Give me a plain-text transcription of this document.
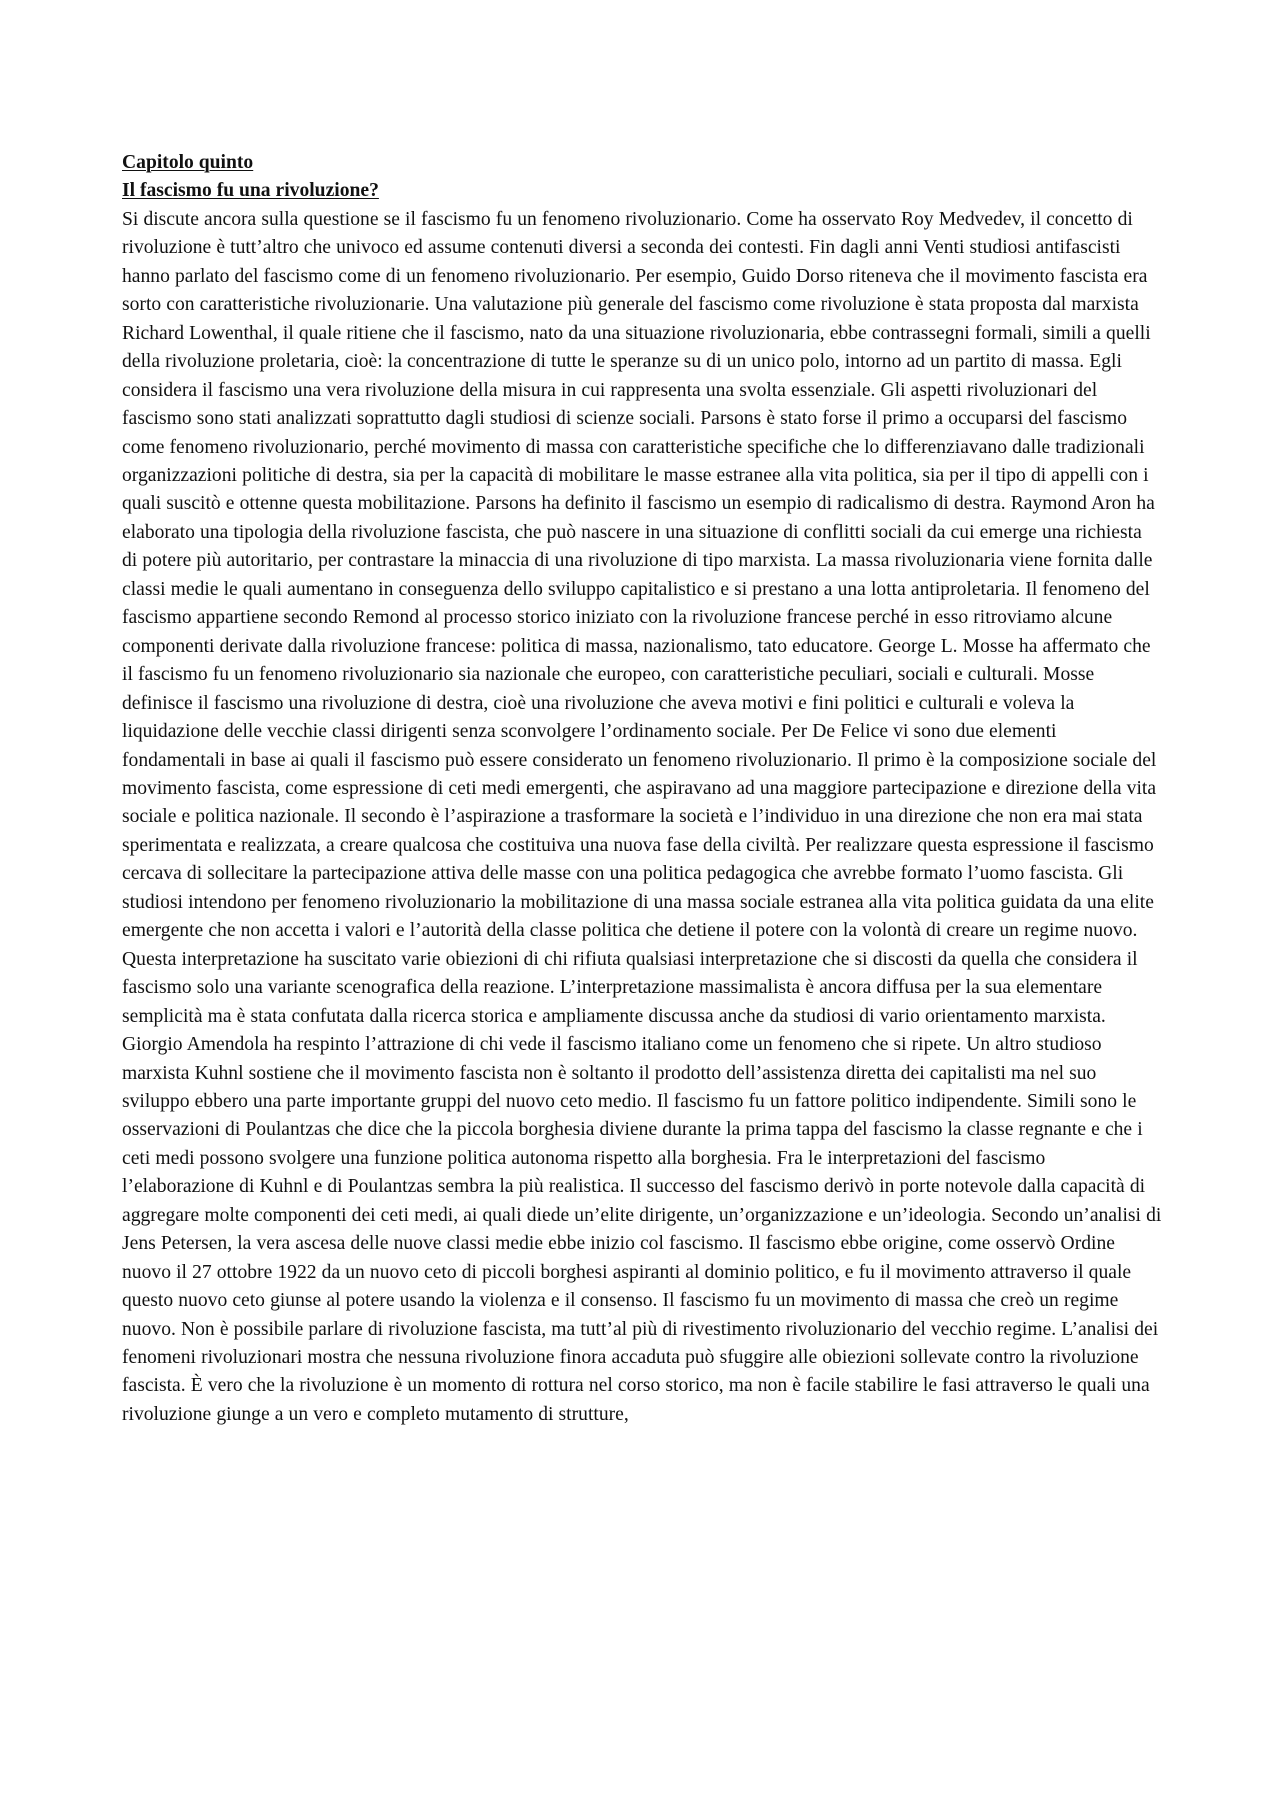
Capitolo quinto
Il fascismo fu una rivoluzione?

Si discute ancora sulla questione se il fascismo fu un fenomeno rivoluzionario. Come ha osservato Roy Medvedev, il concetto di rivoluzione è tutt’altro che univoco ed assume contenuti diversi a seconda dei contesti. Fin dagli anni Venti studiosi antifascisti hanno parlato del fascismo come di un fenomeno rivoluzionario. Per esempio, Guido Dorso riteneva che il movimento fascista era sorto con caratteristiche rivoluzionarie. Una valutazione più generale del fascismo come rivoluzione è stata proposta dal marxista Richard Lowenthal, il quale ritiene che il fascismo, nato da una situazione rivoluzionaria, ebbe contrassegni formali, simili a quelli della rivoluzione proletaria, cioè: la concentrazione di tutte le speranze su di un unico polo, intorno ad un partito di massa. Egli considera il fascismo una vera rivoluzione della misura in cui rappresenta una svolta essenziale. Gli aspetti rivoluzionari del fascismo sono stati analizzati soprattutto dagli studiosi di scienze sociali. Parsons è stato forse il primo a occuparsi del fascismo come fenomeno rivoluzionario, perché movimento di massa con caratteristiche specifiche che lo differenziavano dalle tradizionali organizzazioni politiche di destra, sia per la capacità di mobilitare le masse estranee alla vita politica, sia per il tipo di appelli con i quali suscitò e ottenne questa mobilitazione. Parsons ha definito il fascismo un esempio di radicalismo di destra. Raymond Aron ha elaborato una tipologia della rivoluzione fascista, che può nascere in una situazione di conflitti sociali da cui emerge una richiesta di potere più autoritario, per contrastare la minaccia di una rivoluzione di tipo marxista. La massa rivoluzionaria viene fornita dalle classi medie le quali aumentano in conseguenza dello sviluppo capitalistico e si prestano a una lotta antiproletaria. Il fenomeno del fascismo appartiene secondo Remond al processo storico iniziato con la rivoluzione francese perché in esso ritroviamo alcune componenti derivate dalla rivoluzione francese: politica di massa, nazionalismo, tato educatore. George L. Mosse ha affermato che il fascismo fu un fenomeno rivoluzionario sia nazionale che europeo, con caratteristiche peculiari, sociali e culturali. Mosse definisce il fascismo una rivoluzione di destra, cioè una rivoluzione che aveva motivi e fini politici e culturali e voleva la liquidazione delle vecchie classi dirigenti senza sconvolgere l’ordinamento sociale. Per De Felice vi sono due elementi fondamentali in base ai quali il fascismo può essere considerato un fenomeno rivoluzionario. Il primo è la composizione sociale del movimento fascista, come espressione di ceti medi emergenti, che aspiravano ad una maggiore partecipazione e direzione della vita sociale e politica nazionale. Il secondo è l’aspirazione a trasformare la società e l’individuo in una direzione che non era mai stata sperimentata e realizzata, a creare qualcosa che costituiva una nuova fase della civiltà. Per realizzare questa espressione il fascismo cercava di sollecitare la partecipazione attiva delle masse con una politica pedagogica che avrebbe formato l’uomo fascista. Gli studiosi intendono per fenomeno rivoluzionario la mobilitazione di una massa sociale estranea alla vita politica guidata da una elite emergente che non accetta i valori e l’autorità della classe politica che detiene il potere con la volontà di creare un regime nuovo. Questa interpretazione ha suscitato varie obiezioni di chi rifiuta qualsiasi interpretazione che si discosti da quella che considera il fascismo solo una variante scenografica della reazione. L’interpretazione massimalista è ancora diffusa per la sua elementare semplicità ma è stata confutata dalla ricerca storica e ampliamente discussa anche da studiosi di vario orientamento marxista. Giorgio Amendola ha respinto l’attrazione di chi vede il fascismo italiano come un fenomeno che si ripete. Un altro studioso marxista Kuhnl sostiene che il movimento fascista non è soltanto il prodotto dell’assistenza diretta dei capitalisti ma nel suo sviluppo ebbero una parte importante gruppi del nuovo ceto medio. Il fascismo fu un fattore politico indipendente. Simili sono le osservazioni di Poulantzas che dice che la piccola borghesia diviene durante la prima tappa del fascismo la classe regnante e che i ceti medi possono svolgere una funzione politica autonoma rispetto alla borghesia. Fra le interpretazioni del fascismo l’elaborazione di Kuhnl e di Poulantzas sembra la più realistica. Il successo del fascismo derivò in porte notevole dalla capacità di aggregare molte componenti dei ceti medi, ai quali diede un’elite dirigente, un’organizzazione e un’ideologia. Secondo un’analisi di Jens Petersen, la vera ascesa delle nuove classi medie ebbe inizio col fascismo. Il fascismo ebbe origine, come osservò Ordine nuovo il 27 ottobre 1922 da un nuovo ceto di piccoli borghesi aspiranti al dominio politico, e fu il movimento attraverso il quale questo nuovo ceto giunse al potere usando la violenza e il consenso. Il fascismo fu un movimento di massa che creò un regime nuovo. Non è possibile parlare di rivoluzione fascista, ma tutt’al più di rivestimento rivoluzionario del vecchio regime. L’analisi dei fenomeni rivoluzionari mostra che nessuna rivoluzione finora accaduta può sfuggire alle obiezioni sollevate contro la rivoluzione fascista. È vero che la rivoluzione è un momento di rottura nel corso storico, ma non è facile stabilire le fasi attraverso le quali una rivoluzione giunge a un vero e completo mutamento di strutture,
